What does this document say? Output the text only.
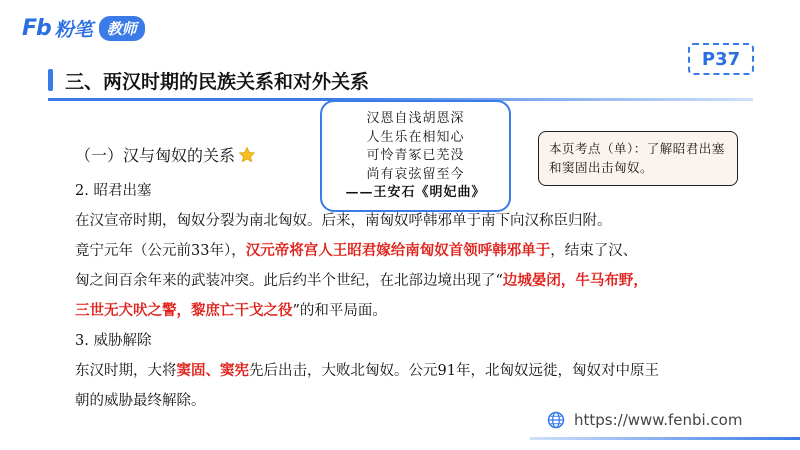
Fb 粉笔 教师
P37
三、两汉时期的民族关系和对外关系
汉恩自浅胡恩深
人生乐在相知心
可怜青冢已芜没
尚有哀弦留至今
——王安石《明妃曲》
本页考点（单）：了解昭君出塞和窦固出击匈奴。
（一）汉与匈奴的关系
2. 昭君出塞
在汉宣帝时期，匈奴分裂为南北匈奴。后来，南匈奴呼韩邪单于南下向汉称臣归附。
竟宁元年（公元前33年），汉元帝将宫人王昭君嫁给南匈奴首领呼韩邪单于，结束了汉、
匈之间百余年来的武装冲突。此后约半个世纪，在北部边境出现了“边城晏闭，牛马布野，
三世无犬吠之警，黎庶亡干戈之役”的和平局面。
3. 威胁解除
东汉时期，大将窦固、窦宪先后出击，大败北匈奴。公元91年，北匈奴远徙，匈奴对中原王
朝的威胁最终解除。
https://www.fenbi.com
